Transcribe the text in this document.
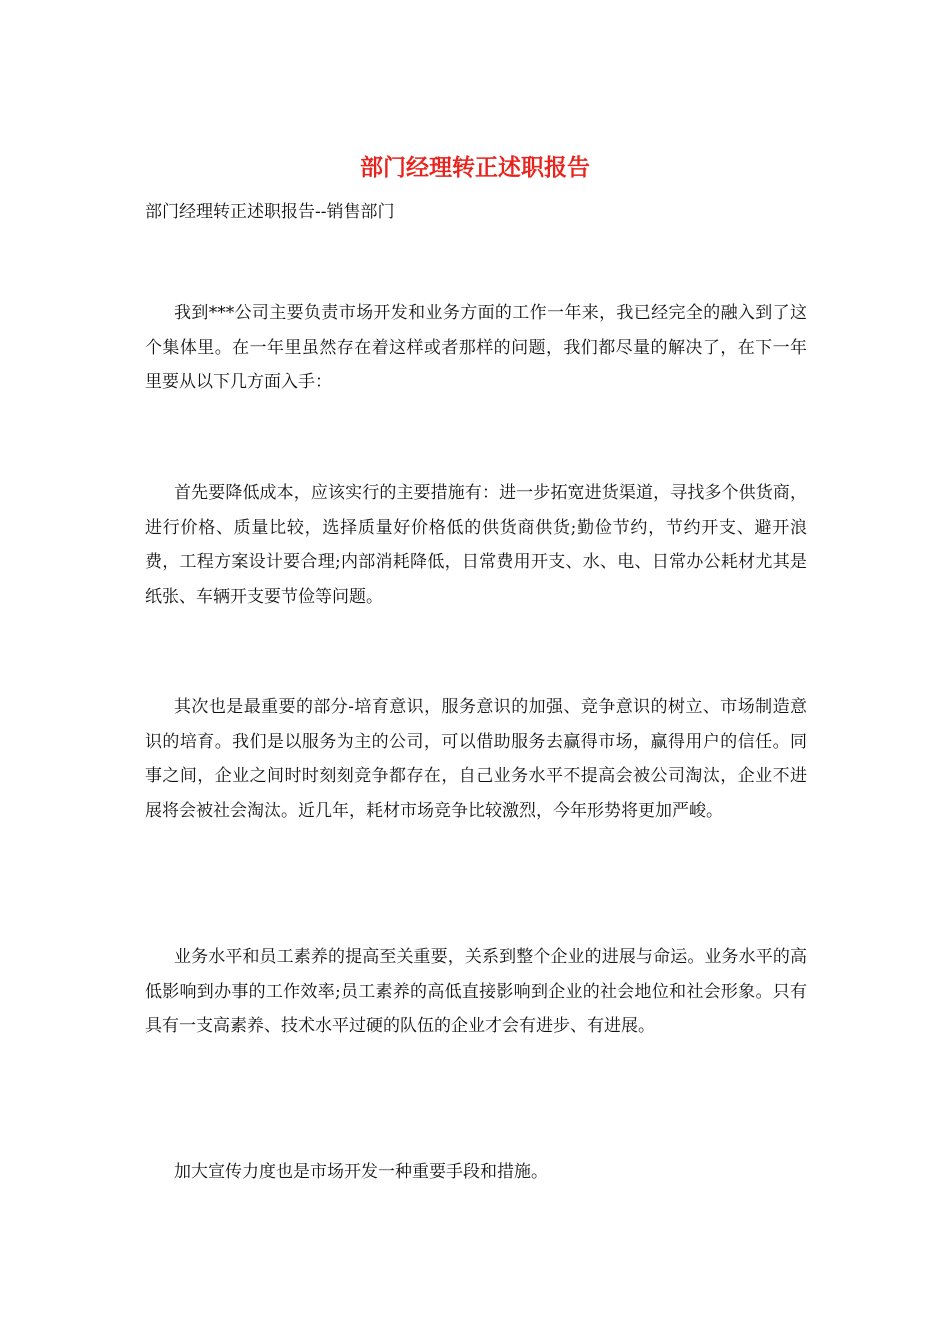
部门经理转正述职报告

部门经理转正述职报告--销售部门

我到***公司主要负责市场开发和业务方面的工作一年来，我已经完全的融入到了这个集体里。在一年里虽然存在着这样或者那样的问题，我们都尽量的解决了，在下一年里要从以下几方面入手：

首先要降低成本，应该实行的主要措施有：进一步拓宽进货渠道，寻找多个供货商，进行价格、质量比较，选择质量好价格低的供货商供货;勤俭节约，节约开支、避开浪费，工程方案设计要合理;内部消耗降低，日常费用开支、水、电、日常办公耗材尤其是纸张、车辆开支要节俭等问题。

其次也是最重要的部分-培育意识，服务意识的加强、竞争意识的树立、市场制造意识的培育。我们是以服务为主的公司，可以借助服务去赢得市场，赢得用户的信任。同事之间，企业之间时时刻刻竞争都存在，自己业务水平不提高会被公司淘汰，企业不进展将会被社会淘汰。近几年，耗材市场竞争比较激烈，今年形势将更加严峻。

业务水平和员工素养的提高至关重要，关系到整个企业的进展与命运。业务水平的高低影响到办事的工作效率;员工素养的高低直接影响到企业的社会地位和社会形象。只有具有一支高素养、技术水平过硬的队伍的企业才会有进步、有进展。

加大宣传力度也是市场开发一种重要手段和措施。
